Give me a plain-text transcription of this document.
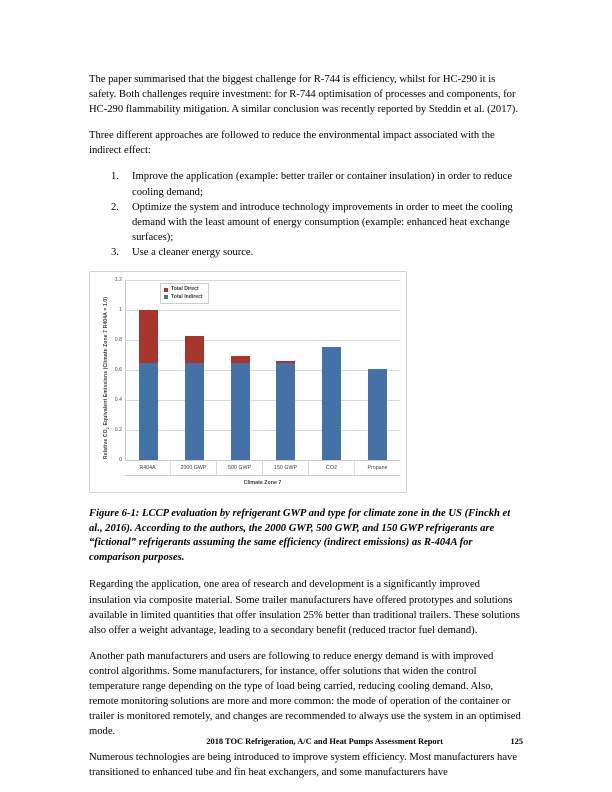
The paper summarised that the biggest challenge for R-744 is efficiency, whilst for HC-290 it is safety. Both challenges require investment: for R-744 optimisation of processes and components, for HC-290 flammability mitigation. A similar conclusion was recently reported by Steddin et al. (2017).

Three different approaches are followed to reduce the environmental impact associated with the indirect effect:

Improve the application (example: better trailer or container insulation) in order to reduce cooling demand;
Optimize the system and introduce technology improvements in order to meet the cooling demand with the least amount of energy consumption (example: enhanced heat exchange surfaces);
Use a cleaner energy source.
Relative $CO_2$ Equivalent Emissions (Climate Zone 7 R404A = 1.0)
0
0.2
0.4
0.6
0.8
1
1.2
Total Direct
Total Indirect
R404A	2000 GWP	500 GWP	150 GWP	CO2	Propane
Climate Zone 7

Figure 6-1: LCCP evaluation by refrigerant GWP and type for climate zone in the US (Finckh et al., 2016). According to the authors, the 2000 GWP, 500 GWP, and 150 GWP refrigerants are “fictional” refrigerants assuming the same efficiency (indirect emissions) as R-404A for comparison purposes.

Regarding the application, one area of research and development is a significantly improved insulation via composite material. Some trailer manufacturers have offered prototypes and solutions available in limited quantities that offer insulation 25% better than traditional trailers. These solutions also offer a weight advantage, leading to a secondary benefit (reduced tractor fuel demand).

Another path manufacturers and users are following to reduce energy demand is with improved control algorithms. Some manufacturers, for instance, offer solutions that widen the control temperature range depending on the type of load being carried, reducing cooling demand. Also, remote monitoring solutions are more and more common: the mode of operation of the container or trailer is monitored remotely, and changes are recommended to always use the system in an optimised mode.

Numerous technologies are being introduced to improve system efficiency. Most manufacturers have transitioned to enhanced tube and fin heat exchangers, and some manufacturers have

2018 TOC Refrigeration, A/C and Heat Pumps Assessment Report	125
